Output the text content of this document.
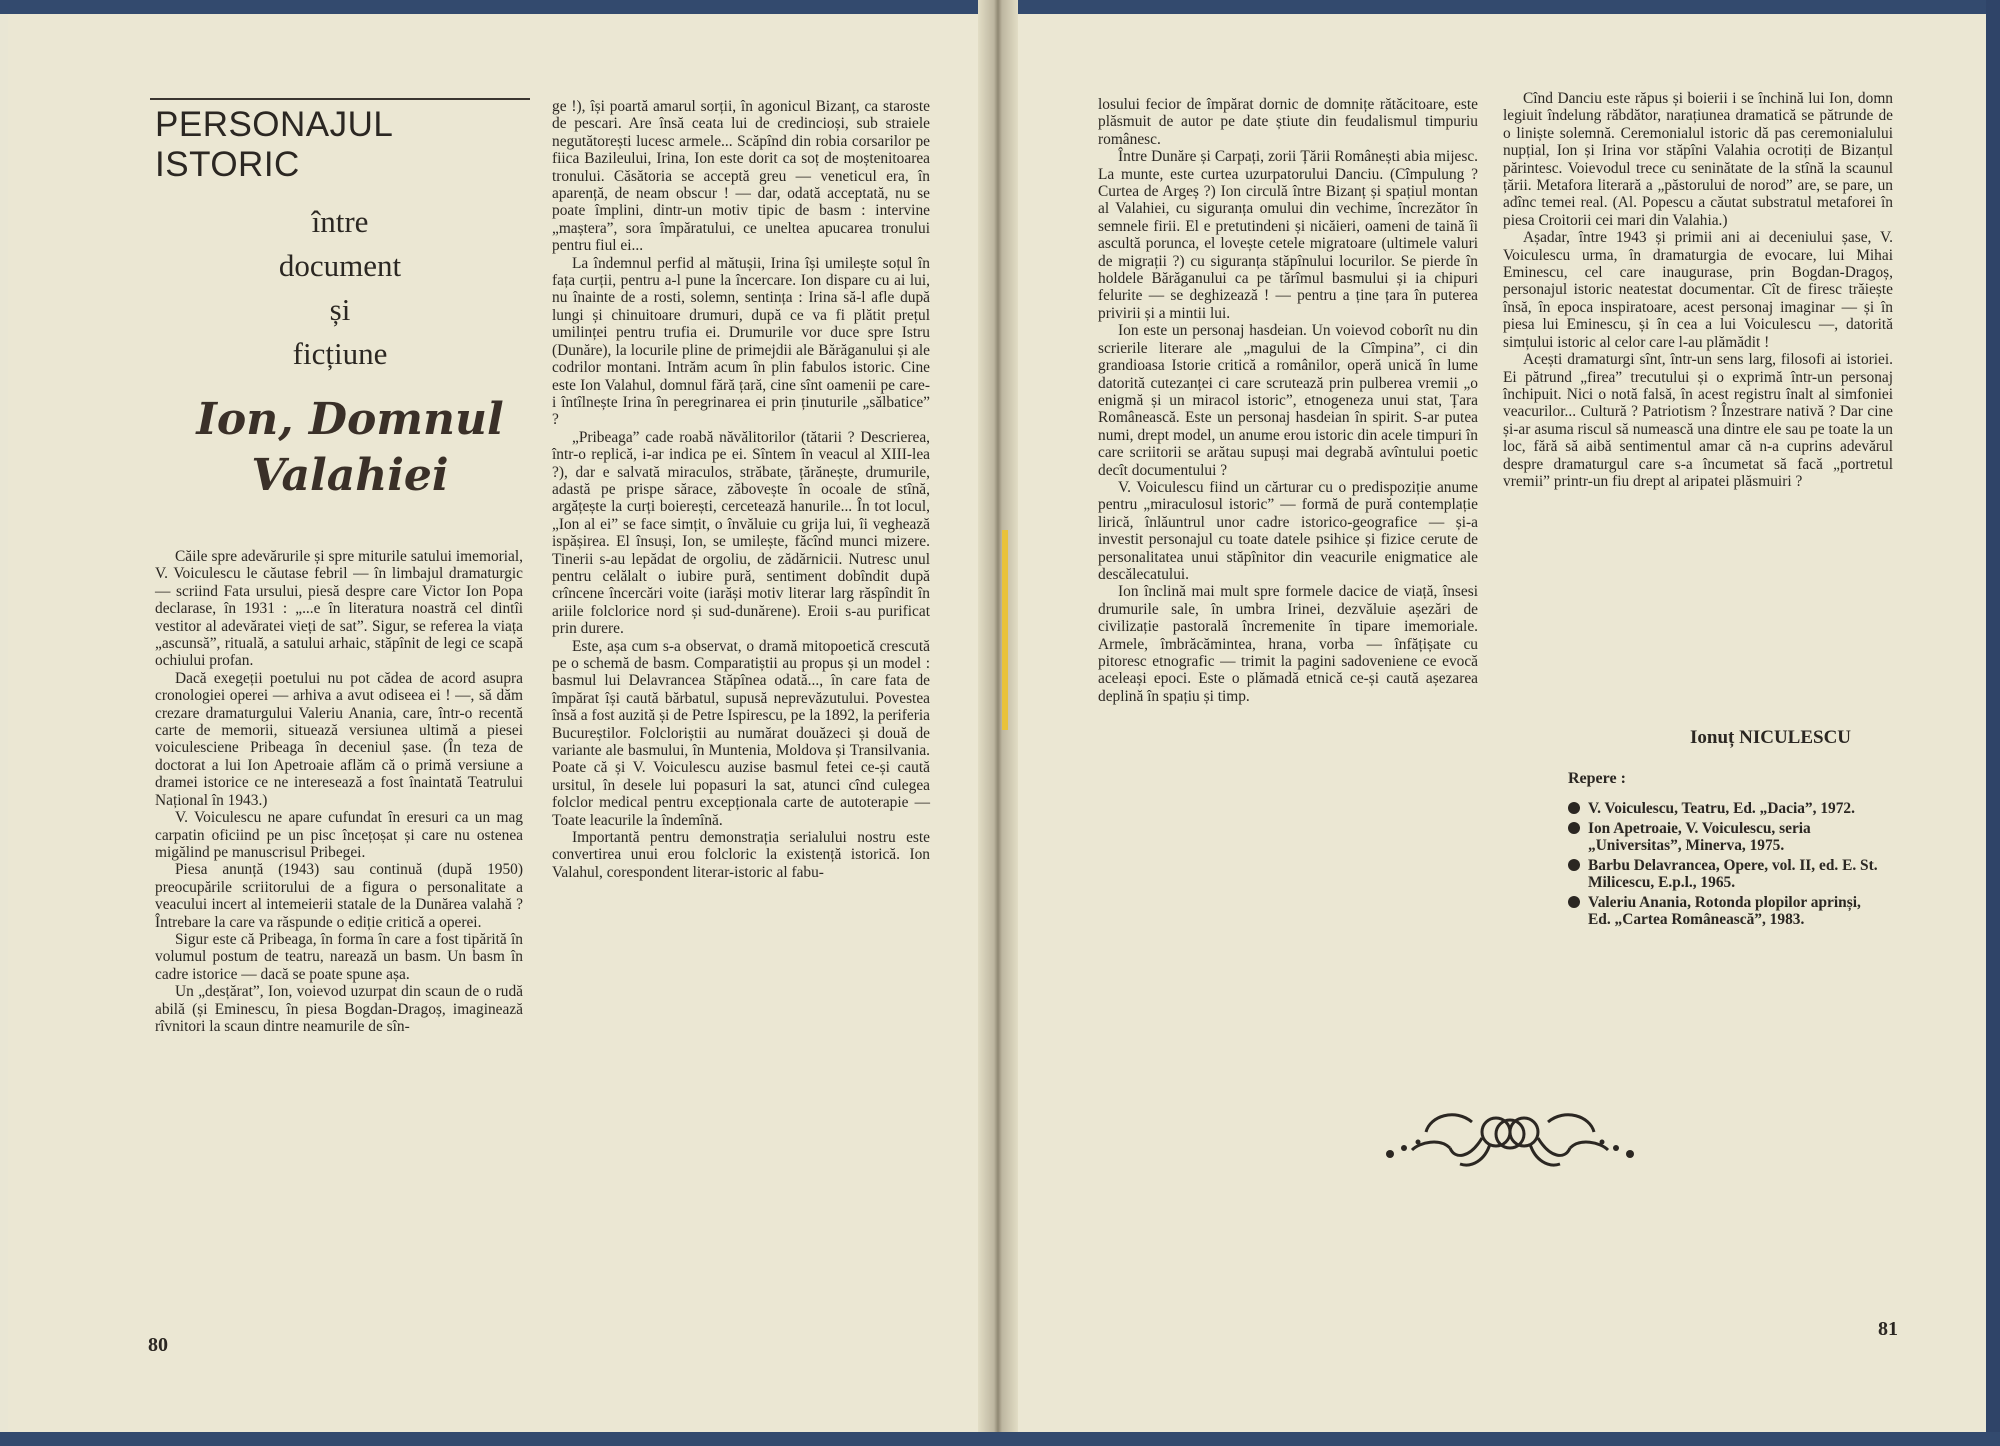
PERSONAJUL ISTORIC
între
document
și
ficțiune
Ion, Domnul Valahiei

Căile spre adevărurile și spre miturile satului imemorial, V. Voiculescu le căutase febril — în limbajul dramaturgic — scriind Fata ursului, piesă despre care Victor Ion Popa declarase, în 1931 : „...e în literatura noastră cel dintîi vestitor al adevăratei vieți de sat”. Sigur, se referea la viața „ascunsă”, rituală, a satului arhaic, stăpînit de legi ce scapă ochiului profan.

Dacă exegeții poetului nu pot cădea de acord asupra cronologiei operei — arhiva a avut odiseea ei ! —, să dăm crezare dramaturgului Valeriu Anania, care, într-o recentă carte de memorii, situează versiunea ultimă a piesei voiculesciene Pribeaga în deceniul șase. (În teza de doctorat a lui Ion Apetroaie aflăm că o primă versiune a dramei istorice ce ne interesează a fost înaintată Teatrului Național în 1943.)

V. Voiculescu ne apare cufundat în eresuri ca un mag carpatin oficiind pe un pisc încețoșat și care nu ostenea migălind pe manuscrisul Pribegei.

Piesa anunță (1943) sau continuă (după 1950) preocupările scriitorului de a figura o personalitate a veacului incert al intemeierii statale de la Dunărea valahă ? Întrebare la care va răspunde o ediție critică a operei.

Sigur este că Pribeaga, în forma în care a fost tipărită în volumul postum de teatru, narează un basm. Un basm în cadre istorice — dacă se poate spune așa.

Un „desțărat”, Ion, voievod uzurpat din scaun de o rudă abilă (și Eminescu, în piesa Bogdan-Dragoș, imaginează rîvnitori la scaun dintre neamurile de sîn-

ge !), își poartă amarul sorții, în agonicul Bizanț, ca staroste de pescari. Are însă ceata lui de credincioși, sub straiele negutătorești lucesc armele... Scăpînd din robia corsarilor pe fiica Bazileului, Irina, Ion este dorit ca soț de moștenitoarea tronului. Căsătoria se acceptă greu — veneticul era, în aparență, de neam obscur ! — dar, odată acceptată, nu se poate împlini, dintr-un motiv tipic de basm : intervine „maștera”, sora împăratului, ce unelteа apucarea tronului pentru fiul ei...

La îndemnul perfid al mătușii, Irina își umilește soțul în fața curții, pentru a-l pune la încercare. Ion dispare cu ai lui, nu înainte de a rosti, solemn, sentința : Irina să-l afle după lungi și chinuitoare drumuri, după ce va fi plătit prețul umilinței pentru trufia ei. Drumurile vor duce spre Istru (Dunăre), la locurile pline de primejdii ale Bărăganului și ale codrilor montani. Intrăm acum în plin fabulos istoric. Cine este Ion Valahul, domnul fără țară, cine sînt oamenii pe care-i întîlnește Irina în peregrinarea ei prin ținuturile „sălbatice” ?

„Pribeaga” cade roabă năvălitorilor (tătarii ? Descrierea, într-o replică, i-ar indica pe ei. Sîntem în veacul al XIII-lea ?), dar e salvată miraculos, străbate, țărănește, drumurile, adastă pe prispe sărace, zăbovește în ocoale de stînă, argățește la curți boierești, cercetează hanurile... În tot locul, „Ion al ei” se face simțit, o învăluie cu grija lui, îi veghează ispășirea. El însuși, Ion, se umilește, făcînd munci mizere. Tinerii s-au lepădat de orgoliu, de zădărnicii. Nutresc unul pentru celălalt o iubire pură, sentiment dobîndit după crîncene încercări voite (iarăși motiv literar larg răspîndit în ariile folclorice nord și sud-dunărene). Eroii s-au purificat prin durere.

Este, așa cum s-a observat, o dramă mitopoetică crescută pe o schemă de basm. Comparatiștii au propus și un model : basmul lui Delavrancea Stăpînea odată..., în care fata de împărat își caută bărbatul, supusă neprevăzutului. Povestea însă a fost auzită și de Petre Ispirescu, pe la 1892, la periferia Bucureștilor. Folcloriștii au numărat douăzeci și două de variante ale basmului, în Muntenia, Moldova și Transilvania. Poate că și V. Voiculescu auzise basmul fetei ce-și caută ursitul, în desele lui popasuri la sat, atunci cînd culegea folclor medical pentru excepționala carte de autoterapie — Toate leacurile la îndemînă.

Importantă pentru demonstrația serialului nostru este convertirea unui erou folcloric la existență istorică. Ion Valahul, corespondent literar-istoric al fabu-

losului fecior de împărat dornic de domnițe rătăcitoare, este plăsmuit de autor pe date știute din feudalismul timpuriu românesc.

Între Dunăre și Carpați, zorii Țării Românești abia mijesc. La munte, este curtea uzurpatorului Danciu. (Cîmpulung ? Curtea de Argeș ?) Ion circulă între Bizanț și spațiul montan al Valahiei, cu siguranța omului din vechime, încrezător în semnele firii. El e pretutindeni și nicăieri, oameni de taină îi ascultă porunca, el lovește cetele migratoare (ultimele valuri de migrații ?) cu siguranța stăpînului locurilor. Se pierde în holdele Bărăganului ca pe tărîmul basmului și ia chipuri felurite — se deghizează ! — pentru a ține țara în puterea privirii și a mintii lui.

Ion este un personaj hasdeian. Un voievod coborît nu din scrierile literare ale „magului de la Cîmpina”, ci din grandioasa Istorie critică a românilor, operă unică în lume datorită cutezanței ci care scrutează prin pulberea vremii „o enigmă și un miracol istoric”, etnogeneza unui stat, Țara Românească. Este un personaj hasdeian în spirit. S-ar putea numi, drept model, un anume erou istoric din acele timpuri în care scriitorii se arătau supuși mai degrabă avîntului poetic decît documentului ?

V. Voiculescu fiind un cărturar cu o predispoziție anume pentru „miraculosul istoric” — formă de pură contemplație lirică, înlăuntrul unor cadre istorico-geografice — și-a investit personajul cu toate datele psihice și fizice cerute de personalitatea unui stăpînitor din veacurile enigmatice ale descălecatului.

Ion înclină mai mult spre formele dacice de viață, însesi drumurile sale, în umbra Irinei, dezvăluie așezări de civilizație pastorală încremenite în tipare imemoriale. Armele, îmbrăcămintea, hrana, vorba — înfățișate cu pitoresc etnografic — trimit la pagini sadoveniene ce evocă aceleași epoci. Este o plămadă etnică ce-și caută așezarea deplină în spațiu și timp.

Cînd Danciu este răpus și boierii i se închină lui Ion, domn legiuit îndelung răbdător, narațiunea dramatică se pătrunde de o liniște solemnă. Ceremonialul istoric dă pas ceremonialului nupțial, Ion și Irina vor stăpîni Valahia ocrotiți de Bizanțul părintesc. Voievodul trece cu seninătate de la stînă la scaunul țării. Metafora literară a „păstorului de norod” are, se pare, un adînc temei real. (Al. Popescu a căutat substratul metaforei în piesa Croitorii cei mari din Valahia.)

Așadar, între 1943 și primii ani ai deceniului șase, V. Voiculescu urma, în dramaturgia de evocare, lui Mihai Eminescu, cel care inaugurase, prin Bogdan-Dragoș, personajul istoric neatestat documentar. Cît de firesc trăiește însă, în epoca inspiratoare, acest personaj imaginar — și în piesa lui Eminescu, și în cea a lui Voiculescu —, datorită simțului istoric al celor care l-au plămădit !

Acești dramaturgi sînt, într-un sens larg, filosofi ai istoriei. Ei pătrund „firea” trecutului și o exprimă într-un personaj închipuit. Nici o notă falsă, în acest registru înalt al simfoniei veacurilor... Cultură ? Patriotism ? Înzestrare nativă ? Dar cine și-ar asuma riscul să numească una dintre ele sau pe toate la un loc, fără să aibă sentimentul amar că n-a cuprins adevărul despre dramaturgul care s-a încumetat să facă „portretul vremii” printr-un fiu drept al aripatei plăsmuiri ?

Ionuț NICULESCU
Repere :
V. Voiculescu, Teatru, Ed. „Dacia”, 1972.
Ion Apetroaie, V. Voiculescu, seria „Universitas”, Minerva, 1975.
Barbu Delavrancea, Opere, vol. II, ed. E. St. Milicescu, E.p.l., 1965.
Valeriu Anania, Rotonda plopilor aprinși, Ed. „Cartea Românească”, 1983.
80
81
